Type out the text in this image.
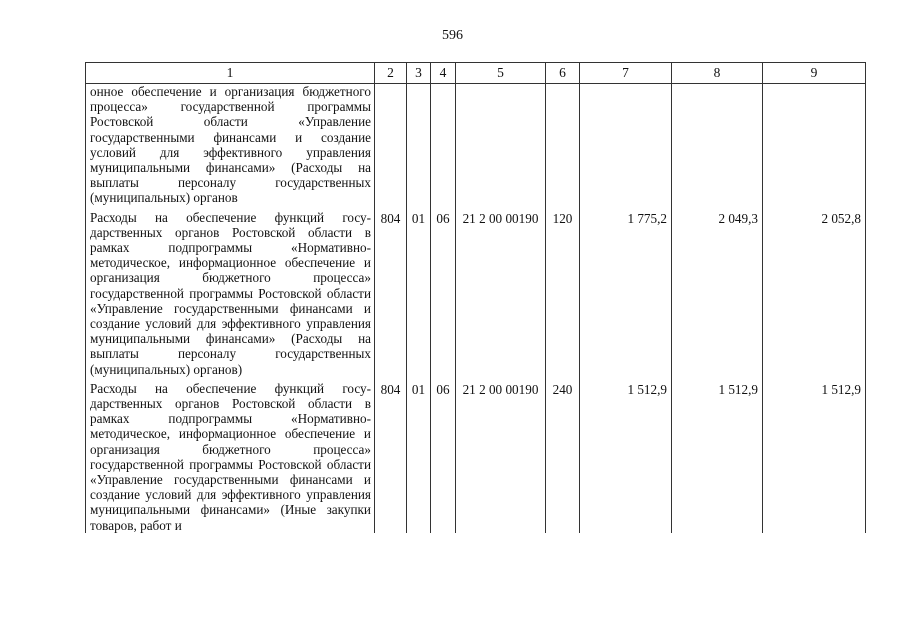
596
1	2	3	4	5	6	7	8	9
онное обеспечение и организация бюджетного процесса» государственной программы Ростовской области «Управление государственными финансами и создание условий для эффективного управления муниципальными финансами» (Расходы на выплаты персоналу государственных (муниципальных) органов								
Расходы на обеспечение функций государственных органов Ростовской области в рамках подпрограммы «Нормативно-методическое, информационное обеспечение и организация бюджетного процесса» государственной программы Ростовской области «Управление государственными финансами и создание условий для эффективного управления муниципальными финансами» (Расходы на выплаты персоналу государственных (муниципальных) органов)	804	01	06	21 2 00 00190	120	1 775,2	2 049,3	2 052,8
Расходы на обеспечение функций государственных органов Ростовской области в рамках подпрограммы «Нормативно-методическое, информационное обеспечение и организация бюджетного процесса» государственной программы Ростовской области «Управление государственными финансами и создание условий для эффективного управления муниципальными финансами» (Иные закупки товаров, работ и	804	01	06	21 2 00 00190	240	1 512,9	1 512,9	1 512,9
